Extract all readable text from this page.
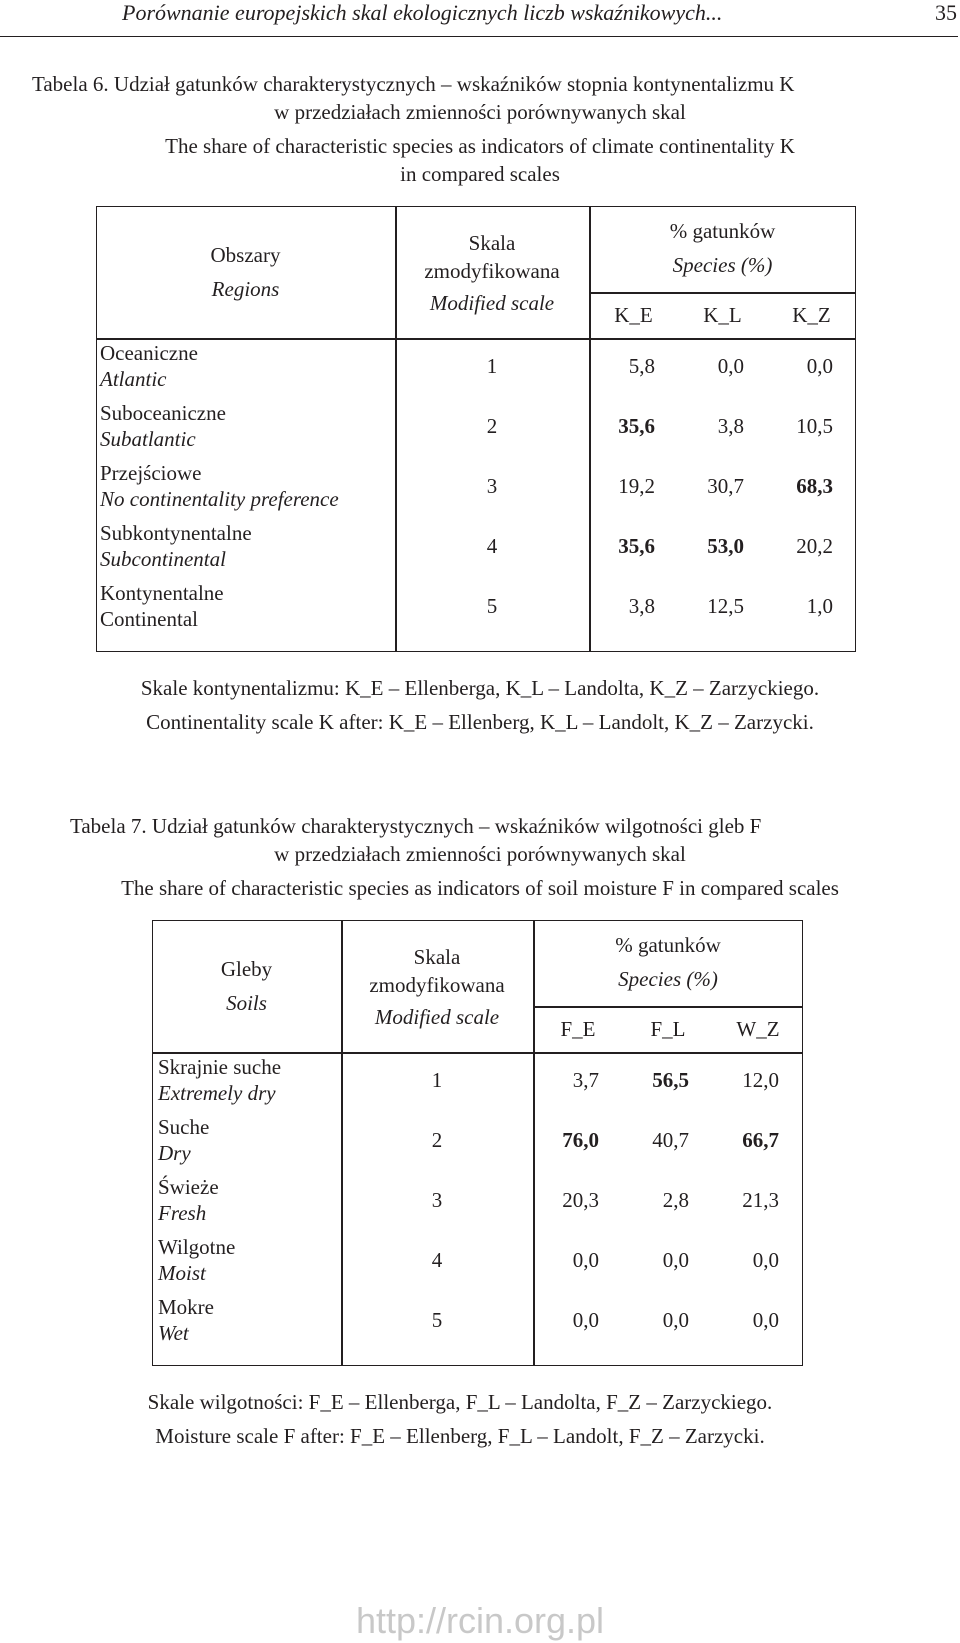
Porównanie europejskich skal ekologicznych liczb wskaźnikowych...	35
Tabela 6. Udział gatunków charakterystycznych – wskaźników stopnia kontynentalizmu K
w przedziałach zmienności porównywanych skal
The share of characteristic species as indicators of climate continentality K
in compared scales
Obszary
Regions
Skala
zmodyfikowana
Modified scale
% gatunków
Species (%)
K_E	K_L	K_Z
Oceaniczne
Atlantic
1	5,8	0,0	0,0
Suboceaniczne
Subatlantic
2	35,6	3,8	10,5
Przejściowe
No continentality preference
3	19,2	30,7	68,3
Subkontynentalne
Subcontinental
4	35,6	53,0	20,2
Kontynentalne
Continental
5	3,8	12,5	1,0
Skale kontynentalizmu: K_E – Ellenberga, K_L – Landolta, K_Z – Zarzyckiego.
Continentality scale K after: K_E – Ellenberg, K_L – Landolt, K_Z – Zarzycki.
Tabela 7. Udział gatunków charakterystycznych – wskaźników wilgotności gleb F
w przedziałach zmienności porównywanych skal
The share of characteristic species as indicators of soil moisture F in compared scales
Gleby
Soils
Skala
zmodyfikowana
Modified scale
% gatunków
Species (%)
F_E	F_L	W_Z
Skrajnie suche
Extremely dry
1	3,7	56,5	12,0
Suche
Dry
2	76,0	40,7	66,7
Świeże
Fresh
3	20,3	2,8	21,3
Wilgotne
Moist
4	0,0	0,0	0,0
Mokre
Wet
5	0,0	0,0	0,0
Skale wilgotności: F_E – Ellenberga, F_L – Landolta, F_Z – Zarzyckiego.
Moisture scale F after: F_E – Ellenberg, F_L – Landolt, F_Z – Zarzycki.
http://rcin.org.pl
